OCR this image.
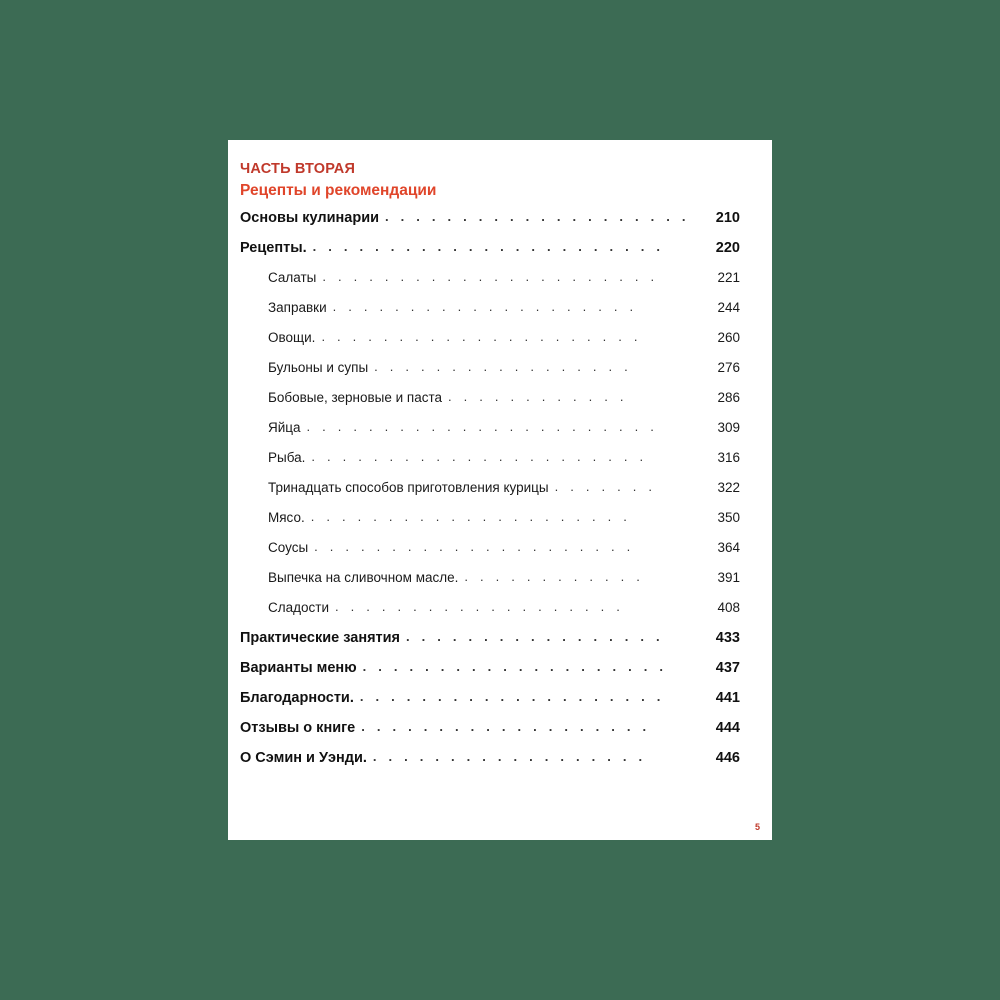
ЧАСТЬ ВТОРАЯ
Рецепты и рекомендации
Основы кулинарии . . . . . . . . . . . . . . . . . . . .	210
Рецепты. . . . . . . . . . . . . . . . . . . . . . . .	220
Салаты . . . . . . . . . . . . . . . . . . . . . .	221
Заправки . . . . . . . . . . . . . . . . . . . .	244
Овощи. . . . . . . . . . . . . . . . . . . . . .	260
Бульоны и супы . . . . . . . . . . . . . . . . .	276
Бобовые, зерновые и паста . . . . . . . . . . . .	286
Яйца . . . . . . . . . . . . . . . . . . . . . . .	309
Рыба. . . . . . . . . . . . . . . . . . . . . . .	316
Тринадцать способов приготовления курицы . . . . . . .	322
Мясо. . . . . . . . . . . . . . . . . . . . . .	350
Соусы . . . . . . . . . . . . . . . . . . . . .	364
Выпечка на сливочном масле. . . . . . . . . . . . .	391
Сладости . . . . . . . . . . . . . . . . . . .	408
Практические занятия . . . . . . . . . . . . . . . . .	433
Варианты меню . . . . . . . . . . . . . . . . . . . .	437
Благодарности. . . . . . . . . . . . . . . . . . . . .	441
Отзывы о книге . . . . . . . . . . . . . . . . . . .	444
О Сэмин и Уэнди. . . . . . . . . . . . . . . . . . .	446
5
